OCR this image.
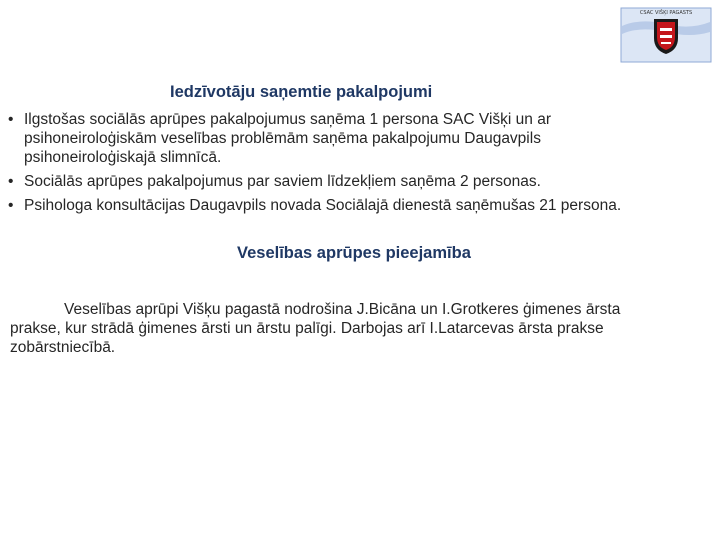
CSAC VIŠĶI PAGASTS
Iedzīvotāju saņemtie pakalpojumi
• Ilgstošas sociālās aprūpes pakalpojumus saņēma 1 persona SAC Višķi un ar
psihoneiroloģiskām veselības problēmām saņēma pakalpojumu Daugavpils
psihoneiroloģiskajā slimnīcā.
• Sociālās aprūpes pakalpojumus par saviem līdzekļiem saņēma 2 personas.
• Psihologa konsultācijas Daugavpils novada Sociālajā dienestā saņēmušas 21 persona.
Veselības aprūpes pieejamība

Veselības aprūpi Višķu pagastā nodrošina J.Bicāna un I.Grotkeres ģimenes ārsta
prakse, kur strādā ģimenes ārsti un ārstu palīgi. Darbojas arī I.Latarcevas ārsta prakse
zobārstniecībā.
